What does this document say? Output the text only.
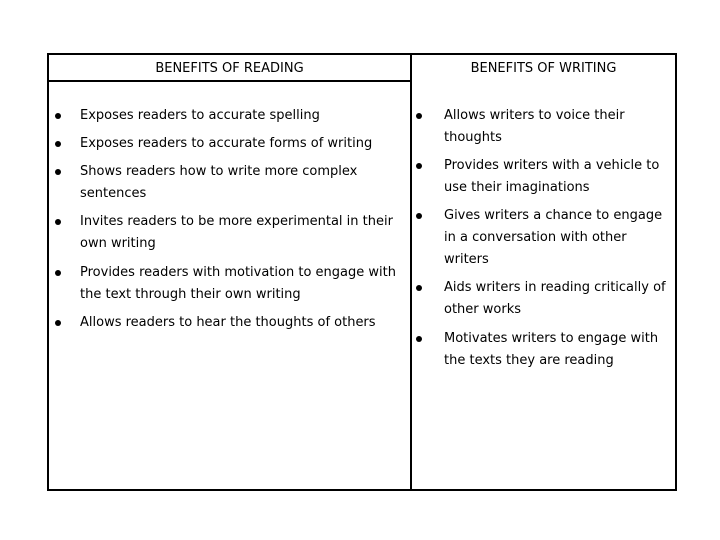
BENEFITS OF READING
Exposes readers to accurate spelling
Exposes readers to accurate forms of writing
Shows readers how to write more complex sentences
Invites readers to be more experimental in their own writing
Provides readers with motivation to engage with the text through their own writing
Allows readers to hear the thoughts of others
BENEFITS OF WRITING
Allows writers to voice their thoughts
Provides writers with a vehicle to use their imaginations
Gives writers a chance to engage in a conversation with other writers
Aids writers in reading critically of other works
Motivates writers to engage with the texts they are reading
